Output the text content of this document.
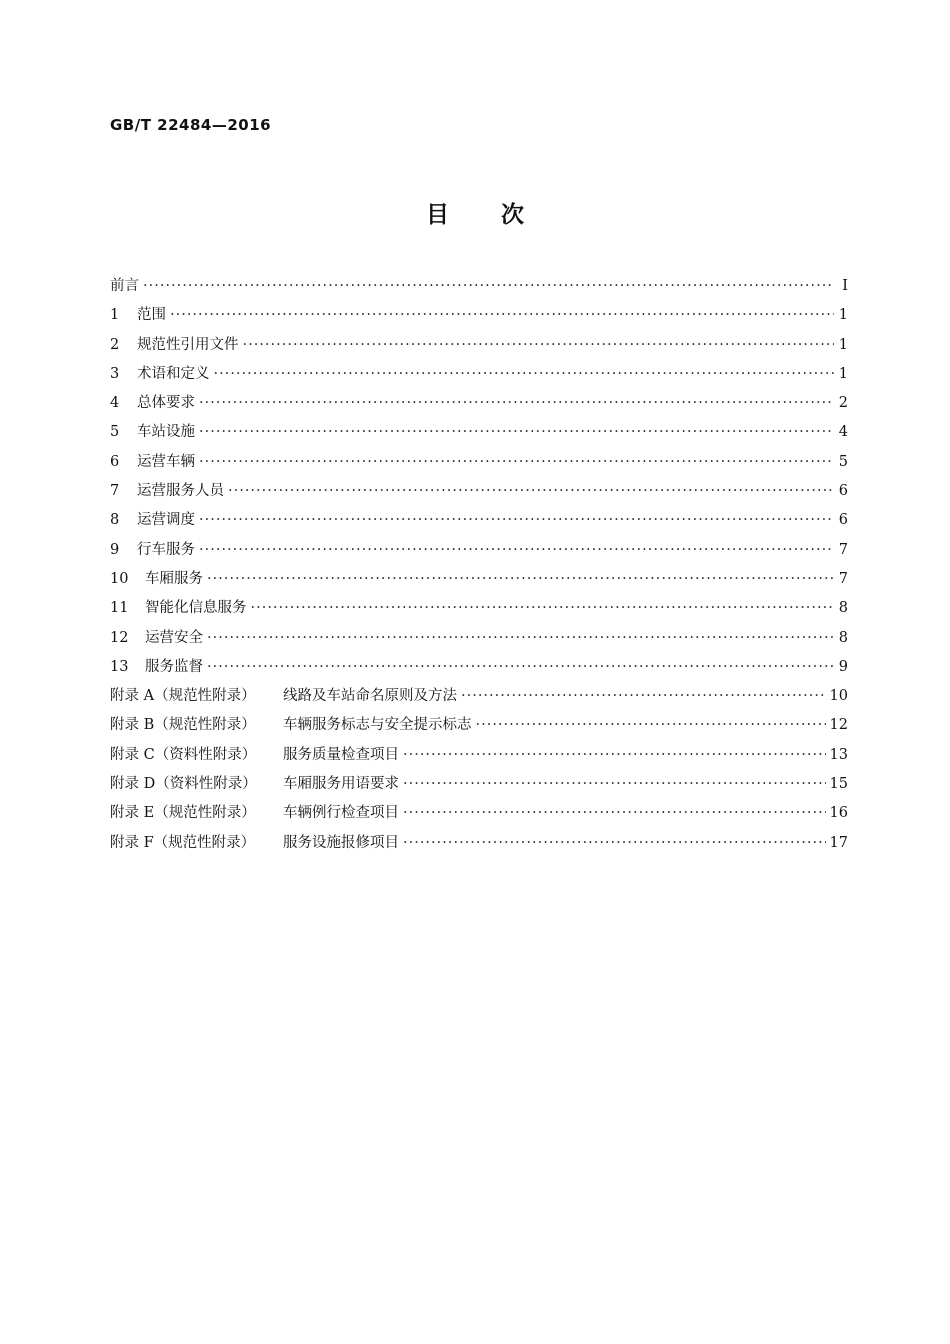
GB/T 22484—2016
目 次
前言 ·····	Ⅰ
1	范围 ·····	1
2	规范性引用文件 ·····	1
3	术语和定义 ·····	1
4	总体要求 ·····	2
5	车站设施 ·····	4
6	运营车辆 ·····	5
7	运营服务人员 ·····	6
8	运营调度 ·····	6
9	行车服务 ·····	7
10	车厢服务 ·····	7
11	智能化信息服务 ·····	8
12	运营安全 ·····	8
13	服务监督 ·····	9
附录 A（规范性附录）	线路及车站命名原则及方法 ·····	10
附录 B（规范性附录）	车辆服务标志与安全提示标志 ·····	12
附录 C（资料性附录）	服务质量检查项目 ·····	13
附录 D（资料性附录）	车厢服务用语要求 ·····	15
附录 E（规范性附录）	车辆例行检查项目 ·····	16
附录 F（规范性附录）	服务设施报修项目 ·····	17
